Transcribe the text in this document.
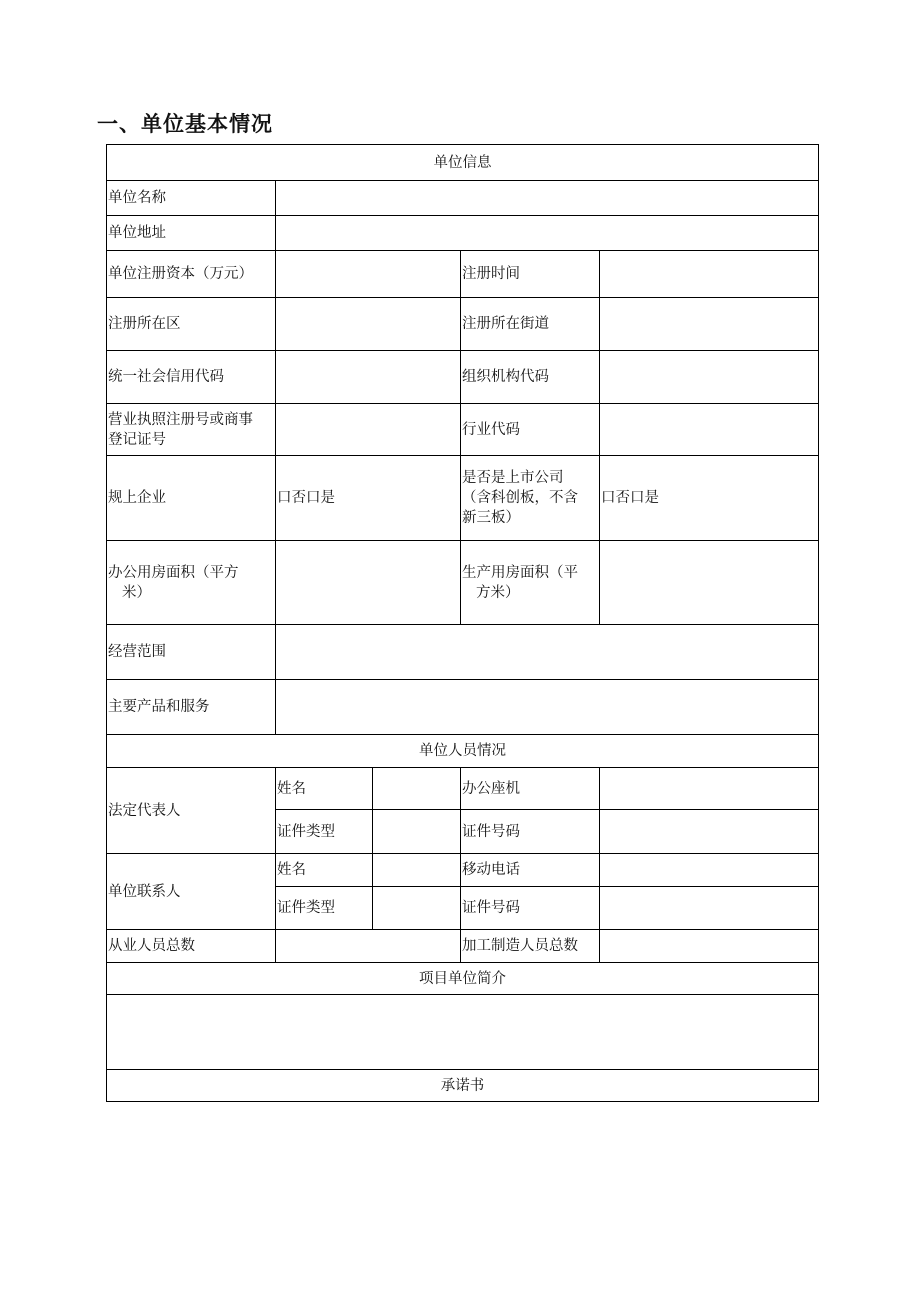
一、单位基本情况
单位信息				
单位名称				
单位地址				
单位注册资本（万元）			注册时间	
注册所在区			注册所在街道	
统一社会信用代码			组织机构代码	

营业执照注册号或商事
登记证号			行业代码	
规上企业	口否口是		是否是上市公司
（含科创板，不含
新三板）	口否口是

办公用房面积（平方
米）			生产用房面积（平
方米）	

经营范围				
主要产品和服务				
单位人员情况				
法定代表人	姓名		办公座机	
	证件类型		证件号码	
单位联系人	姓名		移动电话	
	证件类型		证件号码	
从业人员总数			加工制造人员总数	
项目单位简介				

承诺书				
